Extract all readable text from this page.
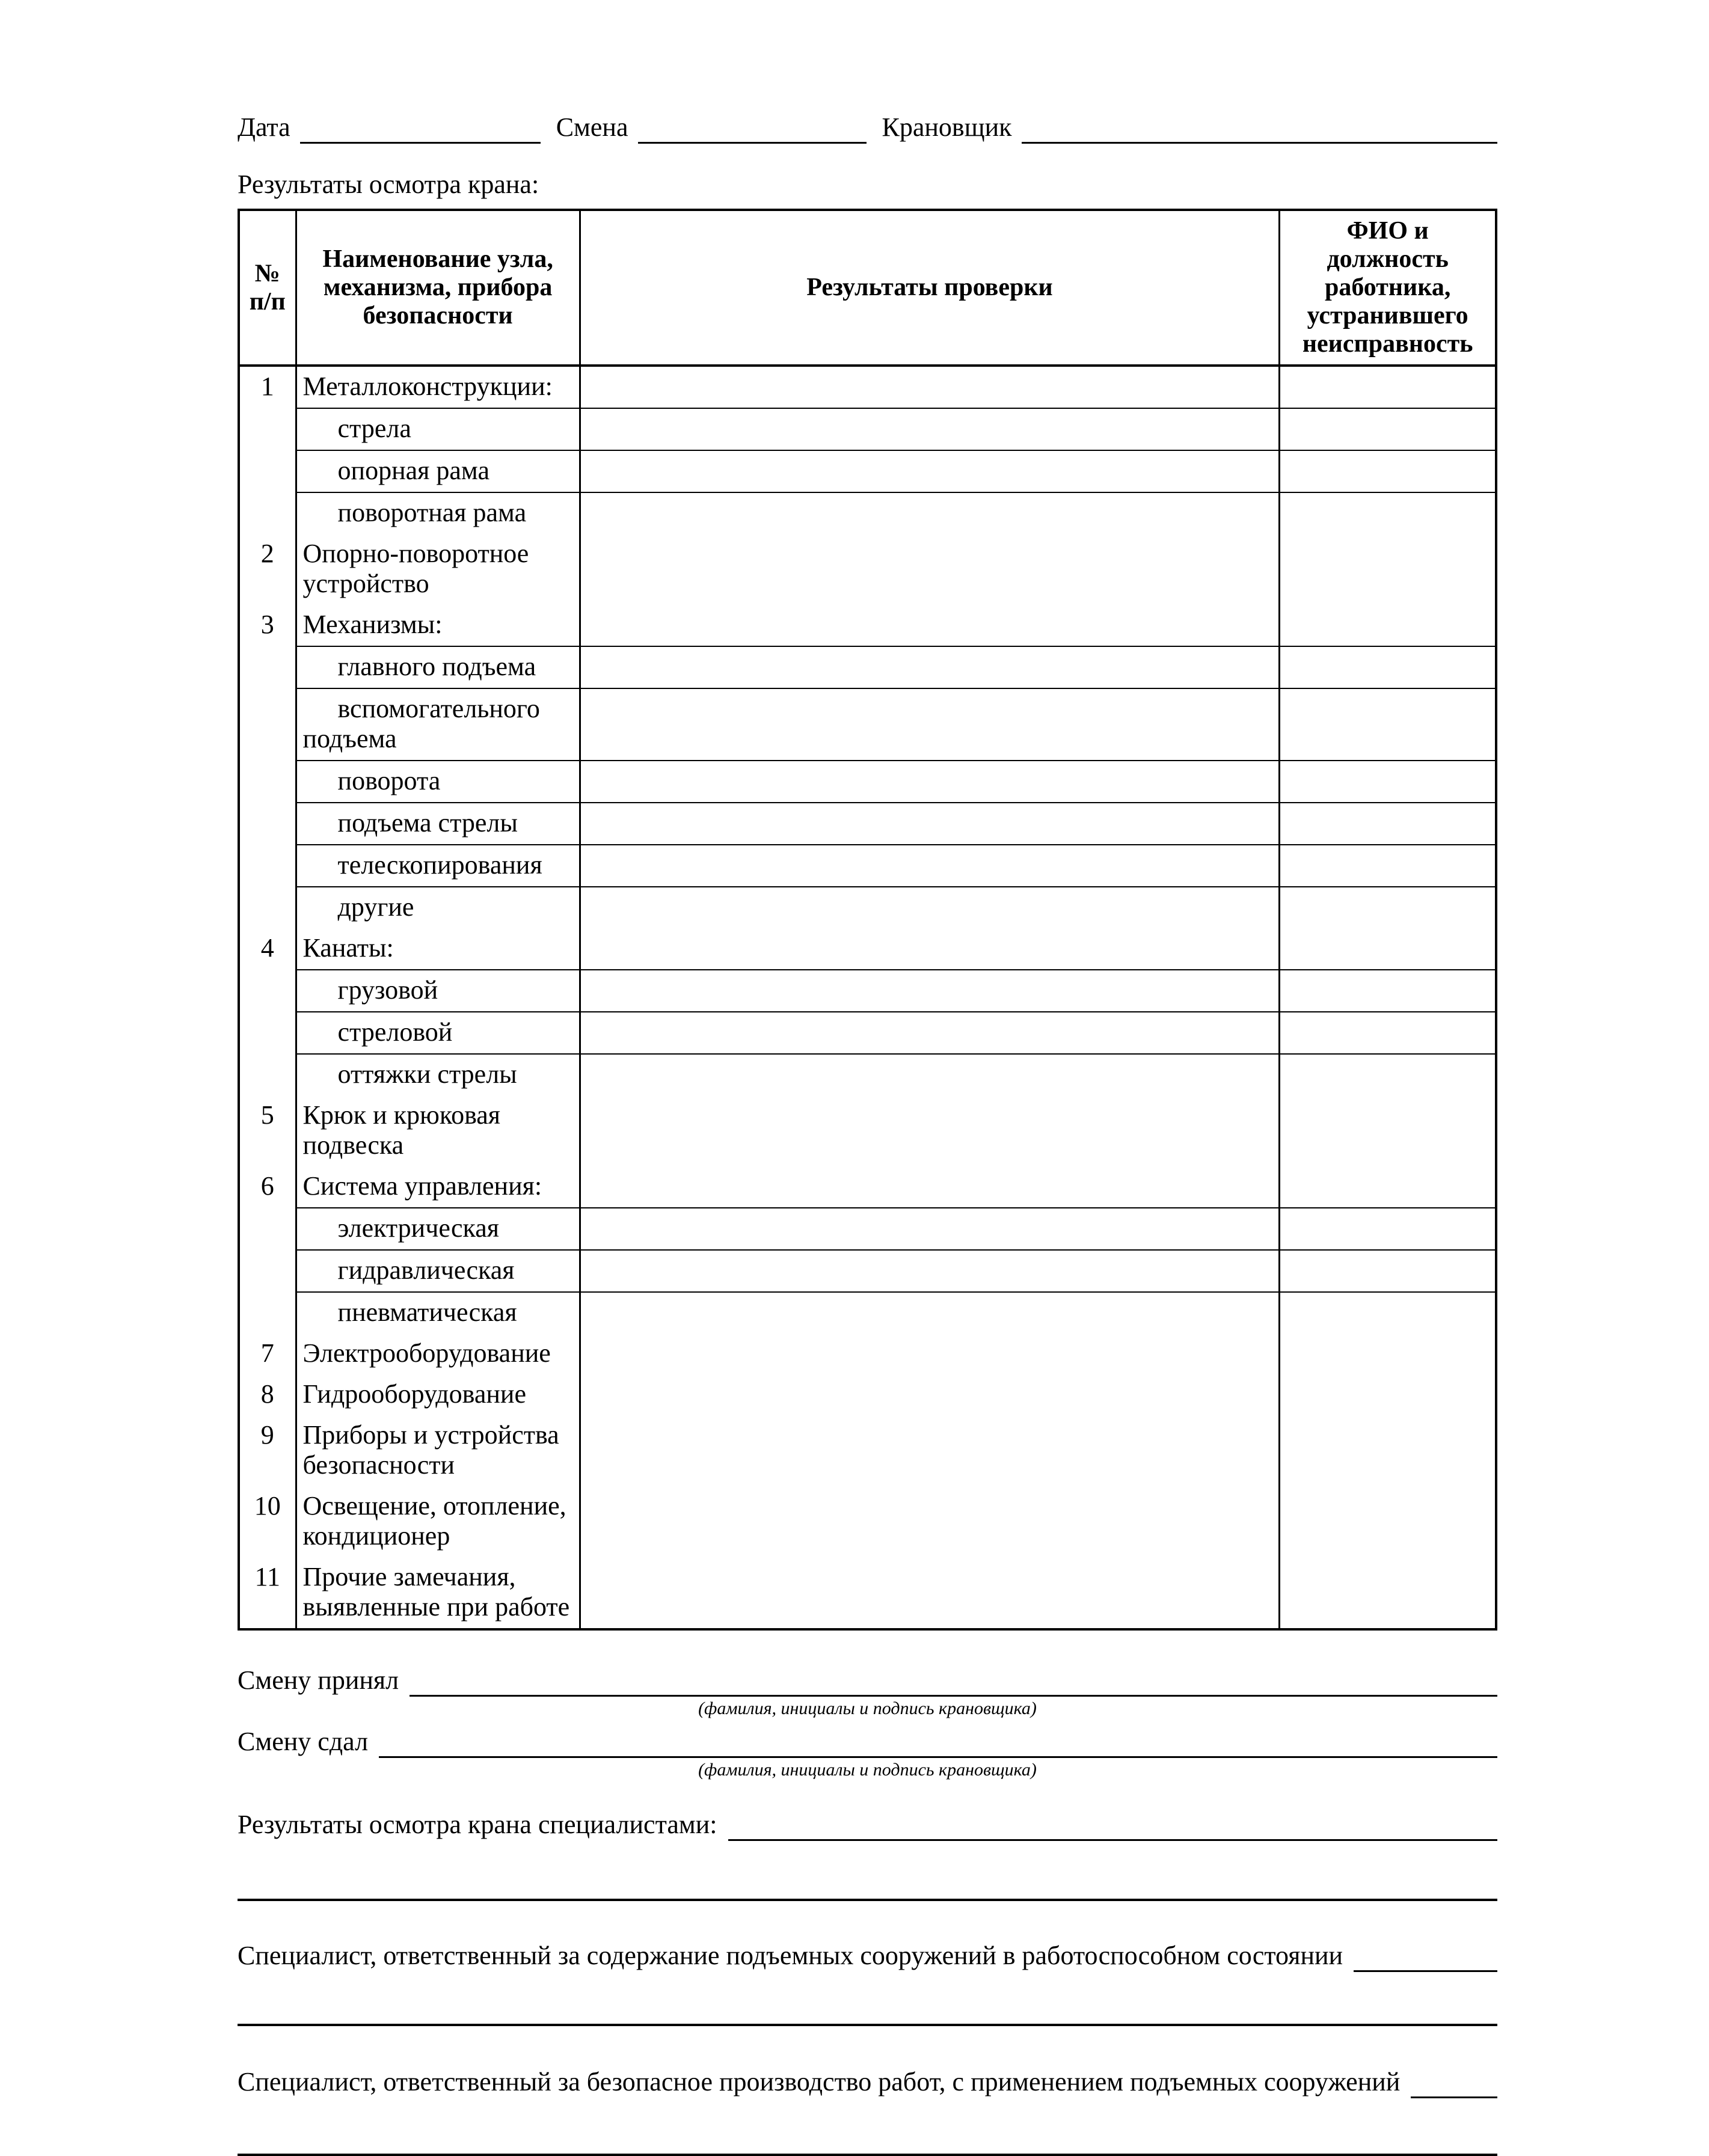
Дата	Смена	Крановщик
Результаты осмотра крана:
№ п/п	Наименование узла, механизма, прибора безопасности	Результаты проверки	ФИО и должность работника, устранившего неисправность
1	Металлоконструкции:		
	стрела		
	опорная рама		
	поворотная рама		
2	Опорно-поворотное устройство		
3	Механизмы:		
	главного подъема		
	вспомогательного подъема		
	поворота		
	подъема стрелы		
	телескопирования		
	другие		
4	Канаты:		
	грузовой		
	стреловой		
	оттяжки стрелы		
5	Крюк и крюковая подвеска		
6	Система управления:		
	электрическая		
	гидравлическая		
	пневматическая		
7	Электрооборудование		
8	Гидрооборудование		
9	Приборы и устройства безопасности		
10	Освещение, отопление, кондиционер		
11	Прочие замечания, выявленные при работе		
Смену принял
(фамилия, инициалы и подпись крановщика)
Смену сдал
(фамилия, инициалы и подпись крановщика)
Результаты осмотра крана специалистами:
Специалист, ответственный за содержание подъемных сооружений в работоспособном состоянии
Специалист, ответственный за безопасное производство работ, с применением подъемных сооружений
